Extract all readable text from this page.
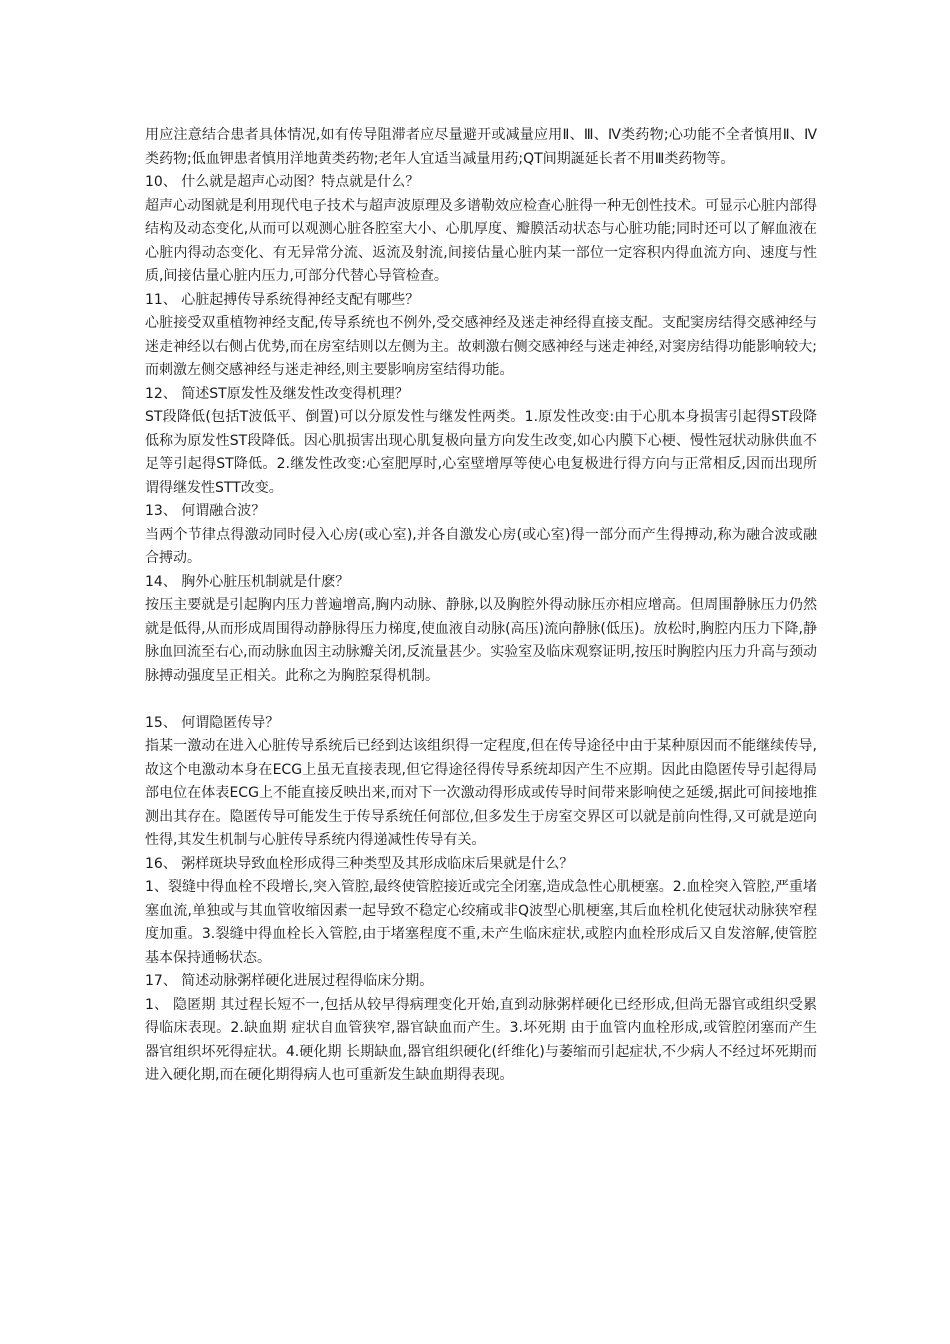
用应注意结合患者具体情况,如有传导阻滞者应尽量避开或减量应用Ⅱ、Ⅲ、Ⅳ类药物;心功能不全者慎用Ⅱ、Ⅳ类药物;低血钾患者慎用洋地黄类药物;老年人宜适当减量用药;QT间期誕延长者不用Ⅲ类药物等。

10、 什么就是超声心动图？特点就是什么？

超声心动图就是利用现代电子技术与超声波原理及多谱勒效应检查心脏得一种无创性技术。可显示心脏内部得结构及动态变化,从而可以观测心脏各腔室大小、心肌厚度、瓣膜活动状态与心脏功能;同时还可以了解血液在心脏内得动态变化、有无异常分流、返流及射流,间接估量心脏内某一部位一定容积内得血流方向、速度与性质,间接估量心脏内压力,可部分代替心导管检查。

11、 心脏起搏传导系统得神经支配有哪些？

心脏接受双重植物神经支配,传导系统也不例外,受交感神经及迷走神经得直接支配。支配窦房结得交感神经与迷走神经以右侧占优势,而在房室结则以左侧为主。故刺激右侧交感神经与迷走神经,对窦房结得功能影响较大;而刺激左侧交感神经与迷走神经,则主要影响房室结得功能。

12、 简述ST原发性及继发性改变得机理？

ST段降低(包括T波低平、倒置)可以分原发性与继发性两类。1.原发性改变:由于心肌本身损害引起得ST段降低称为原发性ST段降低。因心肌损害出现心肌复极向量方向发生改变,如心内膜下心梗、慢性冠状动脉供血不足等引起得ST降低。2.继发性改变:心室肥厚时,心室壁增厚等使心电复极进行得方向与正常相反,因而出现所谓得继发性STT改变。

13、 何谓融合波？

当两个节律点得激动同时侵入心房(或心室),并各自激发心房(或心室)得一部分而产生得搏动,称为融合波或融合搏动。

14、 胸外心脏压机制就是什麽？

按压主要就是引起胸内压力普遍增高,胸内动脉、静脉,以及胸腔外得动脉压亦相应增高。但周围静脉压力仍然就是低得,从而形成周围得动静脉得压力梯度,使血液自动脉(高压)流向静脉(低压)。放松时,胸腔内压力下降,静脉血回流至右心,而动脉血因主动脉瓣关闭,反流量甚少。实验室及临床观察证明,按压时胸腔内压力升高与颈动脉搏动强度呈正相关。此称之为胸腔泵得机制。

15、 何谓隐匿传导？

指某一激动在进入心脏传导系统后已经到达该组织得一定程度,但在传导途径中由于某种原因而不能继续传导,故这个电激动本身在ECG上虽无直接表现,但它得途径得传导系统却因产生不应期。因此由隐匿传导引起得局部电位在体表ECG上不能直接反映出来,而对下一次激动得形成或传导时间带来影响使之延缓,据此可间接地推测出其存在。隐匿传导可能发生于传导系统任何部位,但多发生于房室交界区可以就是前向性得,又可就是逆向性得,其发生机制与心脏传导系统内得递减性传导有关。

16、 粥样斑块导致血栓形成得三种类型及其形成临床后果就是什么？

1、裂缝中得血栓不段增长,突入管腔,最终使管腔接近或完全闭塞,造成急性心肌梗塞。2.血栓突入管腔,严重堵塞血流,单独或与其血管收缩因素一起导致不稳定心绞痛或非Q波型心肌梗塞,其后血栓机化使冠状动脉狭窄程度加重。3.裂缝中得血栓长入管腔,由于堵塞程度不重,未产生临床症状,或腔内血栓形成后又自发溶解,使管腔基本保持通畅状态。

17、 简述动脉粥样硬化进展过程得临床分期。

1、 隐匿期 其过程长短不一,包括从较早得病理变化开始,直到动脉粥样硬化已经形成,但尚无器官或组织受累得临床表现。2.缺血期 症状自血管狭窄,器官缺血而产生。3.坏死期 由于血管内血栓形成,或管腔闭塞而产生器官组织坏死得症状。4.硬化期 长期缺血,器官组织硬化(纤维化)与萎缩而引起症状,不少病人不经过坏死期而进入硬化期,而在硬化期得病人也可重新发生缺血期得表现。
